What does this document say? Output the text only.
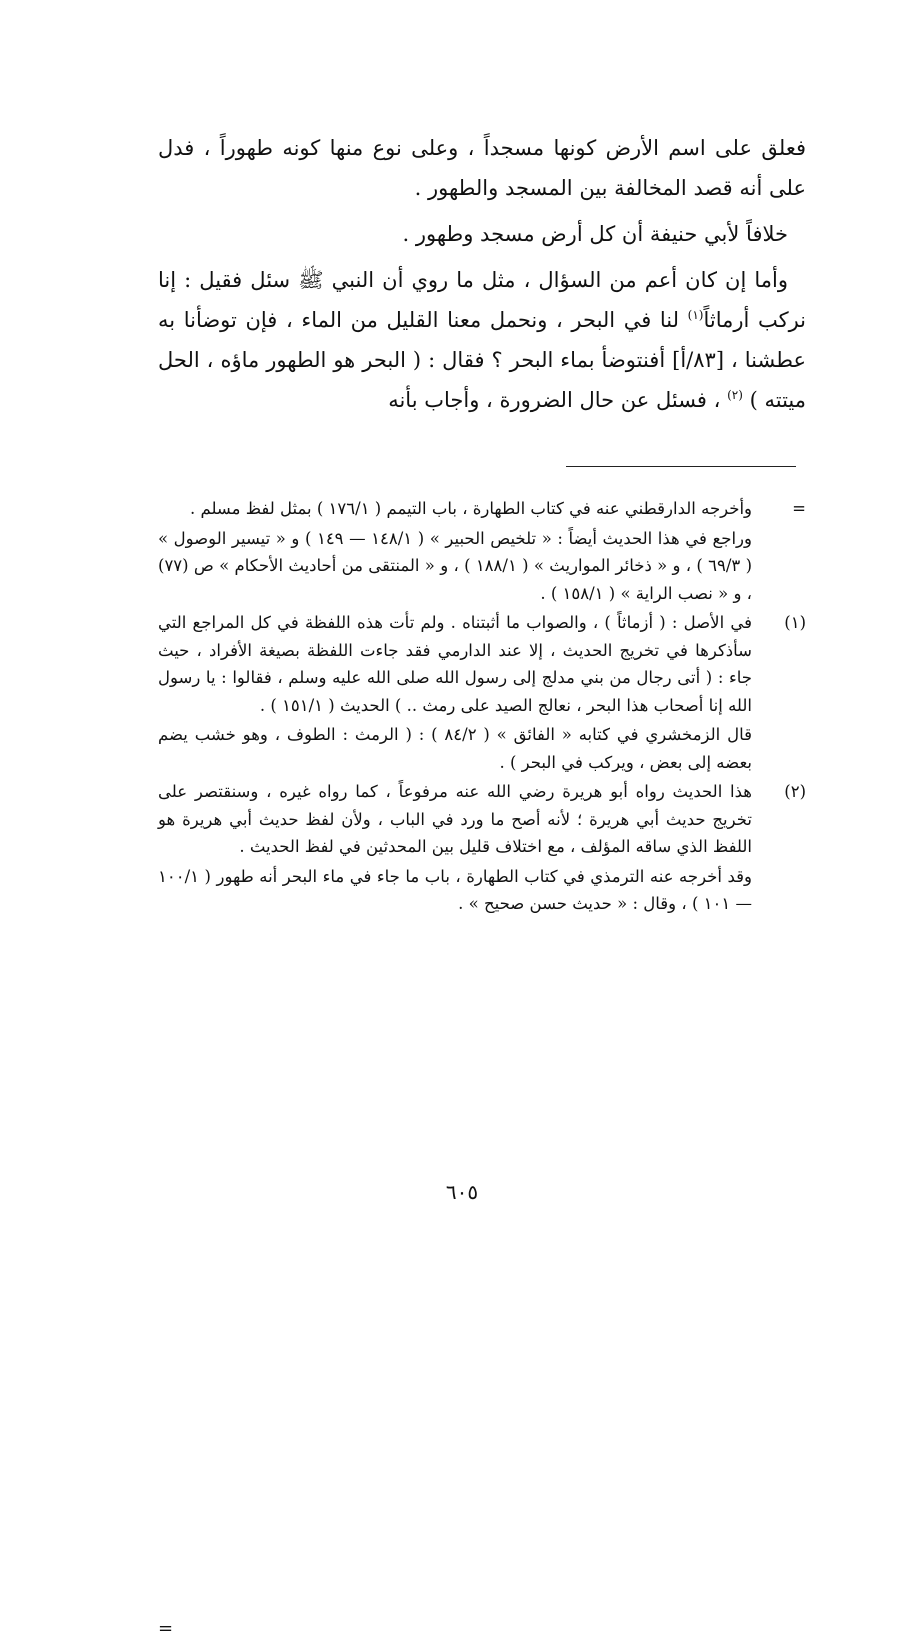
فعلق على اسم الأرض كونها مسجداً ، وعلى نوع منها كونه طهوراً ، فدل على أنه قصد المخالفة بين المسجد والطهور .

خلافاً لأبي حنيفة أن كل أرض مسجد وطهور .

وأما إن كان أعم من السؤال ، مثل ما روي أن النبي ﷺ سئل فقيل : إنا نركب أرماثاً$^{(١)}$ لنا في البحر ، ونحمل معنا القليل من الماء ، فإن توضأنا به عطشنا ، [٨٣/أ] أفنتوضأ بماء البحر ؟ فقال : ( البحر هو الطهور ماؤه ، الحل ميتته ) $^{(٢)}$ ، فسئل عن حال الضرورة ، وأجاب بأنه

=

وأخرجه الدارقطني عنه في كتاب الطهارة ، باب التيمم ( ١٧٦/١ ) بمثل لفظ مسلم .

وراجع في هذا الحديث أيضاً : « تلخيص الحبير » ( ١٤٨/١ — ١٤٩ ) و « تيسير الوصول » ( ٦٩/٣ ) ، و « ذخائر المواريث » ( ١٨٨/١ ) ، و « المنتقى من أحاديث الأحكام » ص (٧٧) ، و « نصب الراية » ( ١٥٨/١ ) .

(١)

في الأصل : ( أزماثاً ) ، والصواب ما أثبتناه . ولم تأت هذه اللفظة في كل المراجع التي سأذكرها في تخريج الحديث ، إلا عند الدارمي فقد جاءت اللفظة بصيغة الأفراد ، حيث جاء : ( أتى رجال من بني مدلج إلى رسول الله صلى الله عليه وسلم ، فقالوا : يا رسول الله إنا أصحاب هذا البحر ، نعالج الصيد على رمث .. ) الحديث ( ١٥١/١ ) .

قال الزمخشري في كتابه « الفائق » ( ٨٤/٢ ) : ( الرمث : الطوف ، وهو خشب يضم بعضه إلى بعض ، ويركب في البحر ) .

(٢)

هذا الحديث رواه أبو هريرة رضي الله عنه مرفوعاً ، كما رواه غيره ، وسنقتصر على تخريج حديث أبي هريرة ؛ لأنه أصح ما ورد في الباب ، ولأن لفظ حديث أبي هريرة هو اللفظ الذي ساقه المؤلف ، مع اختلاف قليل بين المحدثين في لفظ الحديث .

وقد أخرجه عنه الترمذي في كتاب الطهارة ، باب ما جاء في ماء البحر أنه طهور ( ١٠٠/١ — ١٠١ ) ، وقال : « حديث حسن صحيح » .

=
٦٠٥
